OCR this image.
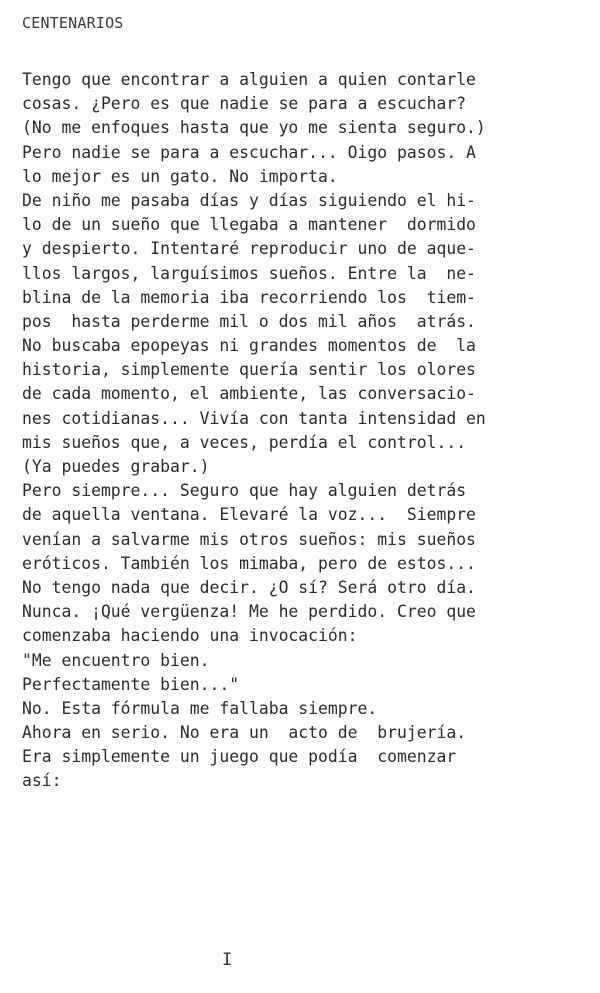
CENTENARIOS
Tengo que encontrar a alguien a quien contarle
cosas. ¿Pero es que nadie se para a escuchar?
(No me enfoques hasta que yo me sienta seguro.)
Pero nadie se para a escuchar... Oigo pasos. A
lo mejor es un gato. No importa.
De niño me pasaba días y días siguiendo el hi-
lo de un sueño que llegaba a mantener  dormido
y despierto. Intentaré reproducir uno de aque-
llos largos, larguísimos sueños. Entre la  ne-
blina de la memoria iba recorriendo los  tiem-
pos  hasta perderme mil o dos mil años  atrás.
No buscaba epopeyas ni grandes momentos de  la
historia, simplemente quería sentir los olores
de cada momento, el ambiente, las conversacio-
nes cotidianas... Vivía con tanta intensidad en
mis sueños que, a veces, perdía el control...
(Ya puedes grabar.)
Pero siempre... Seguro que hay alguien detrás
de aquella ventana. Elevaré la voz...  Siempre
venían a salvarme mis otros sueños: mis sueños
eróticos. También los mimaba, pero de estos...
No tengo nada que decir. ¿O sí? Será otro día.
Nunca. ¡Qué vergüenza! Me he perdido. Creo que
comenzaba haciendo una invocación:
"Me encuentro bien.
Perfectamente bien..."
No. Esta fórmula me fallaba siempre.
Ahora en serio. No era un  acto de  brujería.
Era simplemente un juego que podía  comenzar
así:
I
